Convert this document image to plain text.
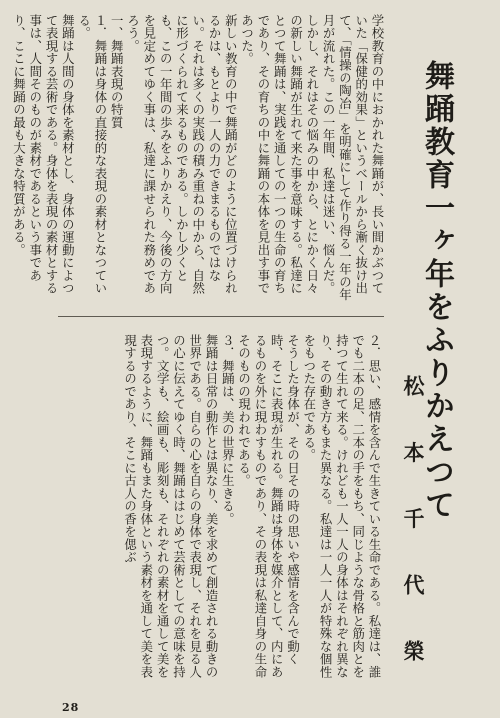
舞踊教育一ヶ年をふりかえつて
学校教育の中におかれた舞踊が、長い間かぶつていた「保健的効果」というベールから漸く抜け出て、「情操の陶冶」を明確にして作り得る一年の年月が流れた。この一年間、私達は迷い、悩んだ。しかし、それはその悩みの中から、とにかく日々の新しい舞踊が生れて来た事を意味する。私達にとつて舞踊は、実践を通しての一つの生命の育ちであり、その育ちの中に舞踊の本体を見出す事であつた。
新しい教育の中で舞踊がどのように位置づけられるかは、もとより一人の力できまるものではない。それは多くの実践の積み重ねの中から、自然に形づくられて来るものである。しかし少くとも、この一年間の歩みをふりかえり、今後の方向を見定めてゆく事は、私達に課せられた務めであろう。
一、舞踊表現の特質
１．舞踊は身体の直接的な表現の素材となつている。
舞踊は人間の身体を素材とし、身体の運動によつて表現する芸術である。身体を表現の素材とする事は、人間そのものが素材であるという事であり、ここに舞踊の最も大きな特質がある。
松 本 千 代 榮
２．思い、感情を含んで生きている生命である。私達は、誰でも二本の足、二本の手をもち、同じような骨格と筋肉とを持つて生れて来る。けれども一人一人の身体はそれぞれ異なり、その動き方もまた異なる。私達は一人一人が特殊な個性をもつた存在である。
そうした身体が、その日その時の思いや感情を含んで動く時、そこに表現が生れる。舞踊は身体を媒介として、内にあるものを外に現わすものであり、その表現は私達自身の生命そのものの現われである。
３．舞踊は、美の世界に生きる。
舞踊は日常の動作とは異なり、美を求めて創造される動きの世界である。自らの心を自らの身体で表現し、それを見る人の心に伝えてゆく時、舞踊ははじめて芸術としての意味を持つ。文学も、絵画も、彫刻も、それぞれの素材を通して美を表現するように、舞踊もまた身体という素材を通して美を表現するのであり、そこに古人の香を偲ぶ
28
